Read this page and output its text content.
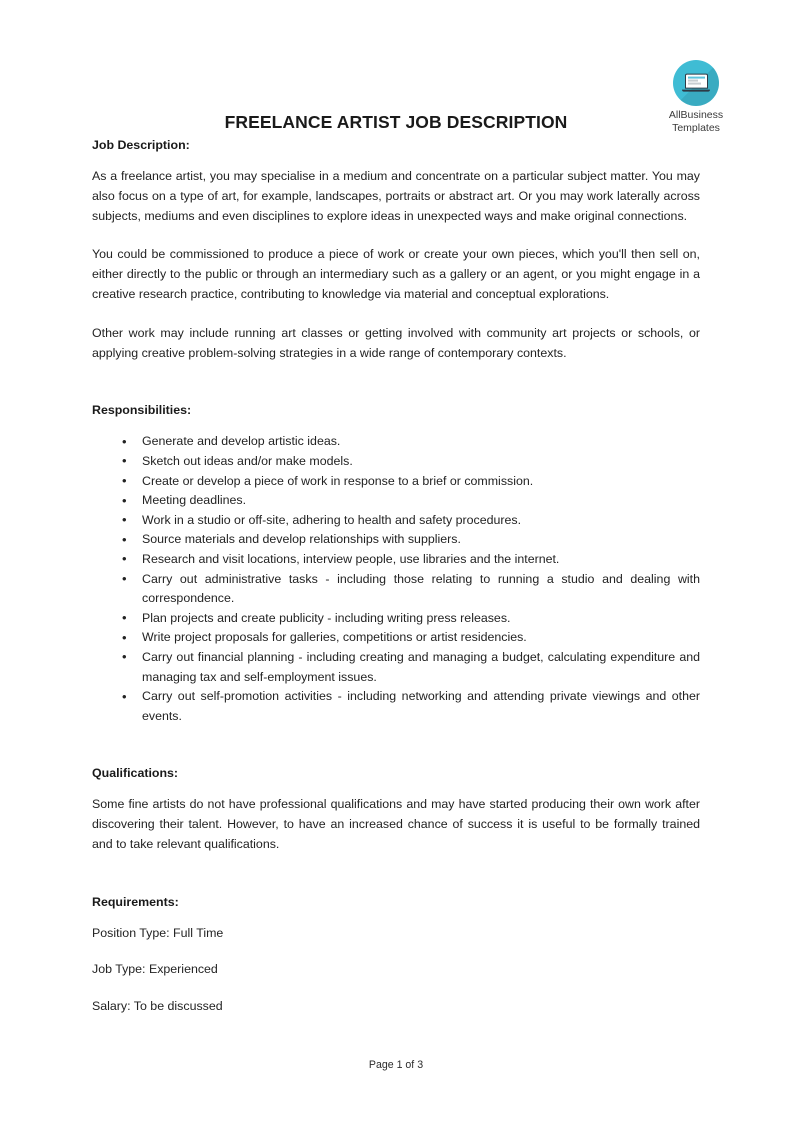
AllBusiness
Templates
FREELANCE ARTIST JOB DESCRIPTION
Job Description:

As a freelance artist, you may specialise in a medium and concentrate on a particular subject matter. You may also focus on a type of art, for example, landscapes, portraits or abstract art. Or you may work laterally across subjects, mediums and even disciplines to explore ideas in unexpected ways and make original connections.

You could be commissioned to produce a piece of work or create your own pieces, which you'll then sell on, either directly to the public or through an intermediary such as a gallery or an agent, or you might engage in a creative research practice, contributing to knowledge via material and conceptual explorations.

Other work may include running art classes or getting involved with community art projects or schools, or applying creative problem-solving strategies in a wide range of contemporary contexts.

Responsibilities:
• Generate and develop artistic ideas.
• Sketch out ideas and/or make models.
• Create or develop a piece of work in response to a brief or commission.
• Meeting deadlines.
• Work in a studio or off-site, adhering to health and safety procedures.
• Source materials and develop relationships with suppliers.
• Research and visit locations, interview people, use libraries and the internet.
• Carry out administrative tasks - including those relating to running a studio and dealing with correspondence.
• Plan projects and create publicity - including writing press releases.
• Write project proposals for galleries, competitions or artist residencies.
• Carry out financial planning - including creating and managing a budget, calculating expenditure and managing tax and self-employment issues.
• Carry out self-promotion activities - including networking and attending private viewings and other events.
Qualifications:

Some fine artists do not have professional qualifications and may have started producing their own work after discovering their talent. However, to have an increased chance of success it is useful to be formally trained and to take relevant qualifications.

Requirements:
Position Type: Full Time
Job Type: Experienced
Salary: To be discussed
Page 1 of 3
